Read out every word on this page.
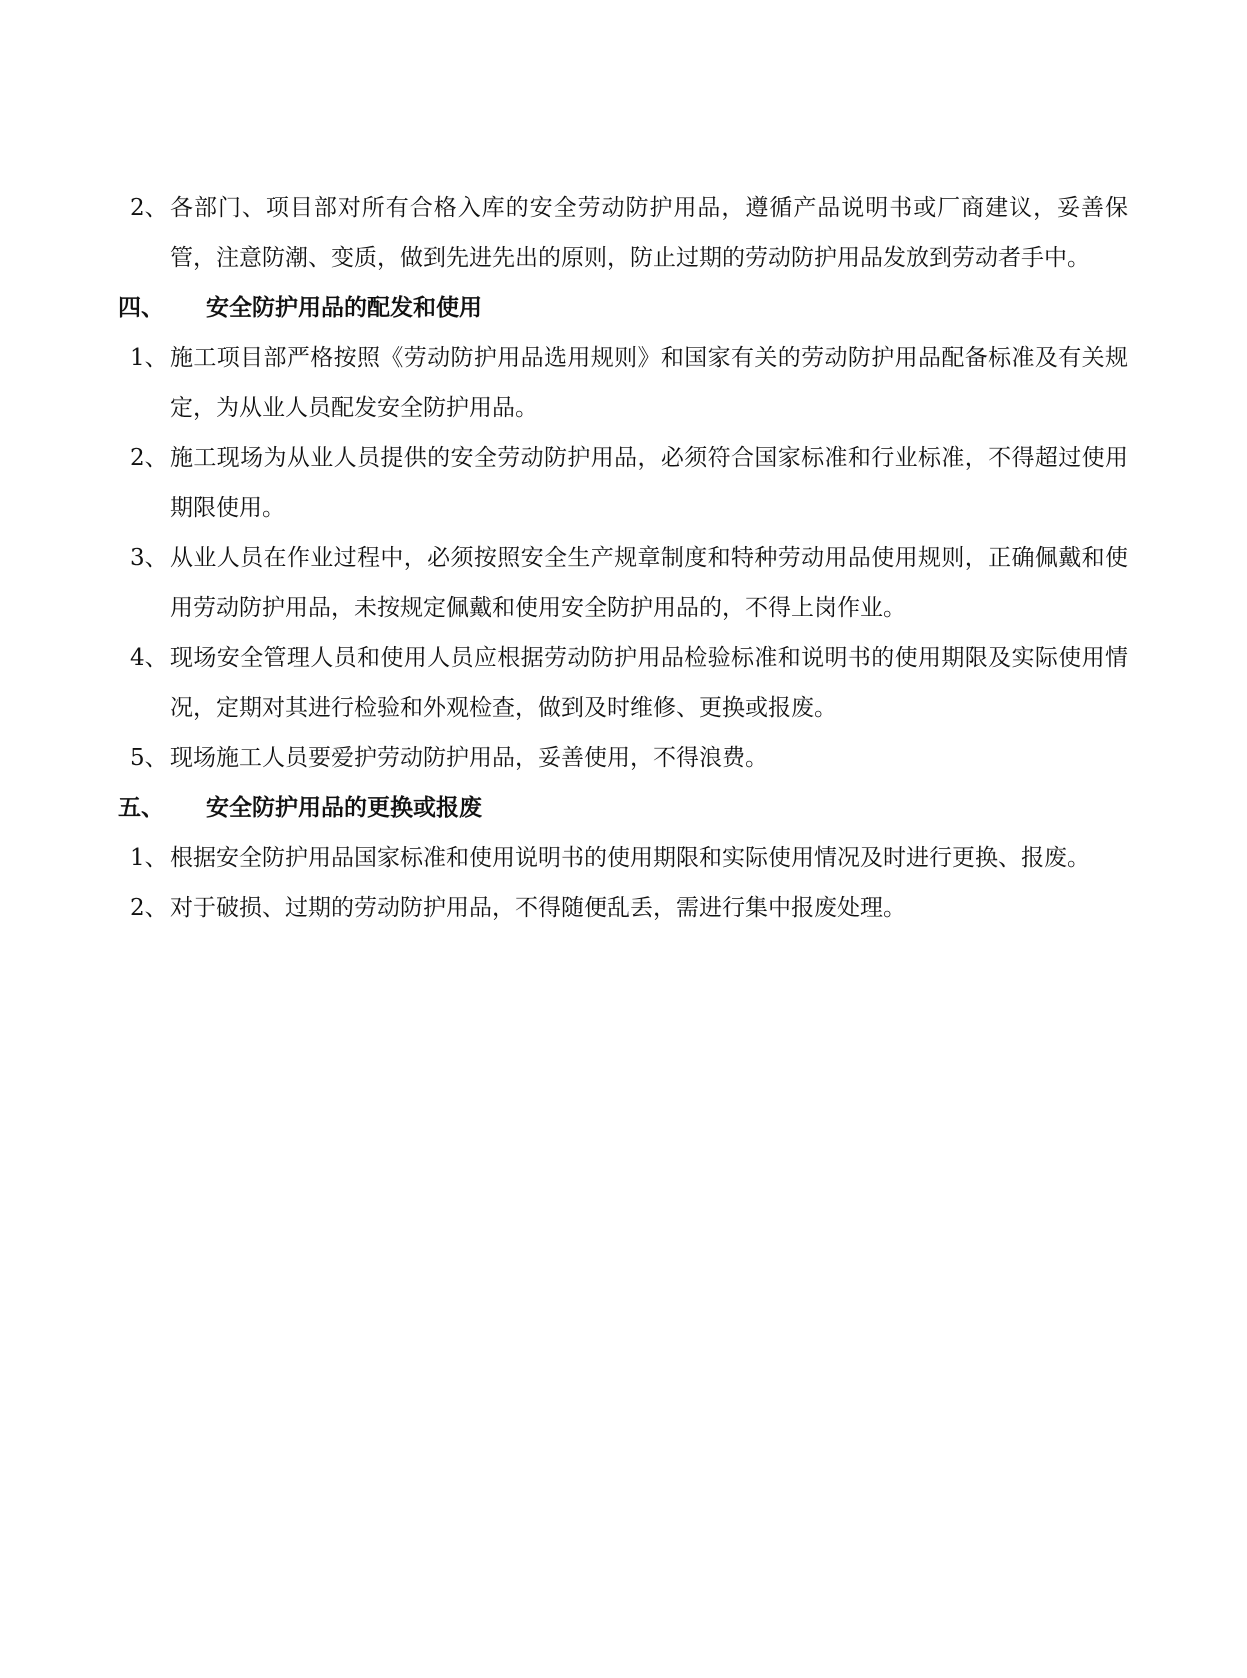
2、 各部门、项目部对所有合格入库的安全劳动防护用品，遵循产品说明书或厂商建议，妥善保管，注意防潮、变质，做到先进先出的原则，防止过期的劳动防护用品发放到劳动者手中。
四、 安全防护用品的配发和使用
1、 施工项目部严格按照《劳动防护用品选用规则》和国家有关的劳动防护用品配备标准及有关规定，为从业人员配发安全防护用品。
2、 施工现场为从业人员提供的安全劳动防护用品，必须符合国家标准和行业标准，不得超过使用期限使用。
3、 从业人员在作业过程中，必须按照安全生产规章制度和特种劳动用品使用规则，正确佩戴和使用劳动防护用品，未按规定佩戴和使用安全防护用品的，不得上岗作业。
4、 现场安全管理人员和使用人员应根据劳动防护用品检验标准和说明书的使用期限及实际使用情况，定期对其进行检验和外观检查，做到及时维修、更换或报废。
5、 现场施工人员要爱护劳动防护用品，妥善使用，不得浪费。
五、 安全防护用品的更换或报废
1、 根据安全防护用品国家标准和使用说明书的使用期限和实际使用情况及时进行更换、报废。
2、 对于破损、过期的劳动防护用品，不得随便乱丢，需进行集中报废处理。
